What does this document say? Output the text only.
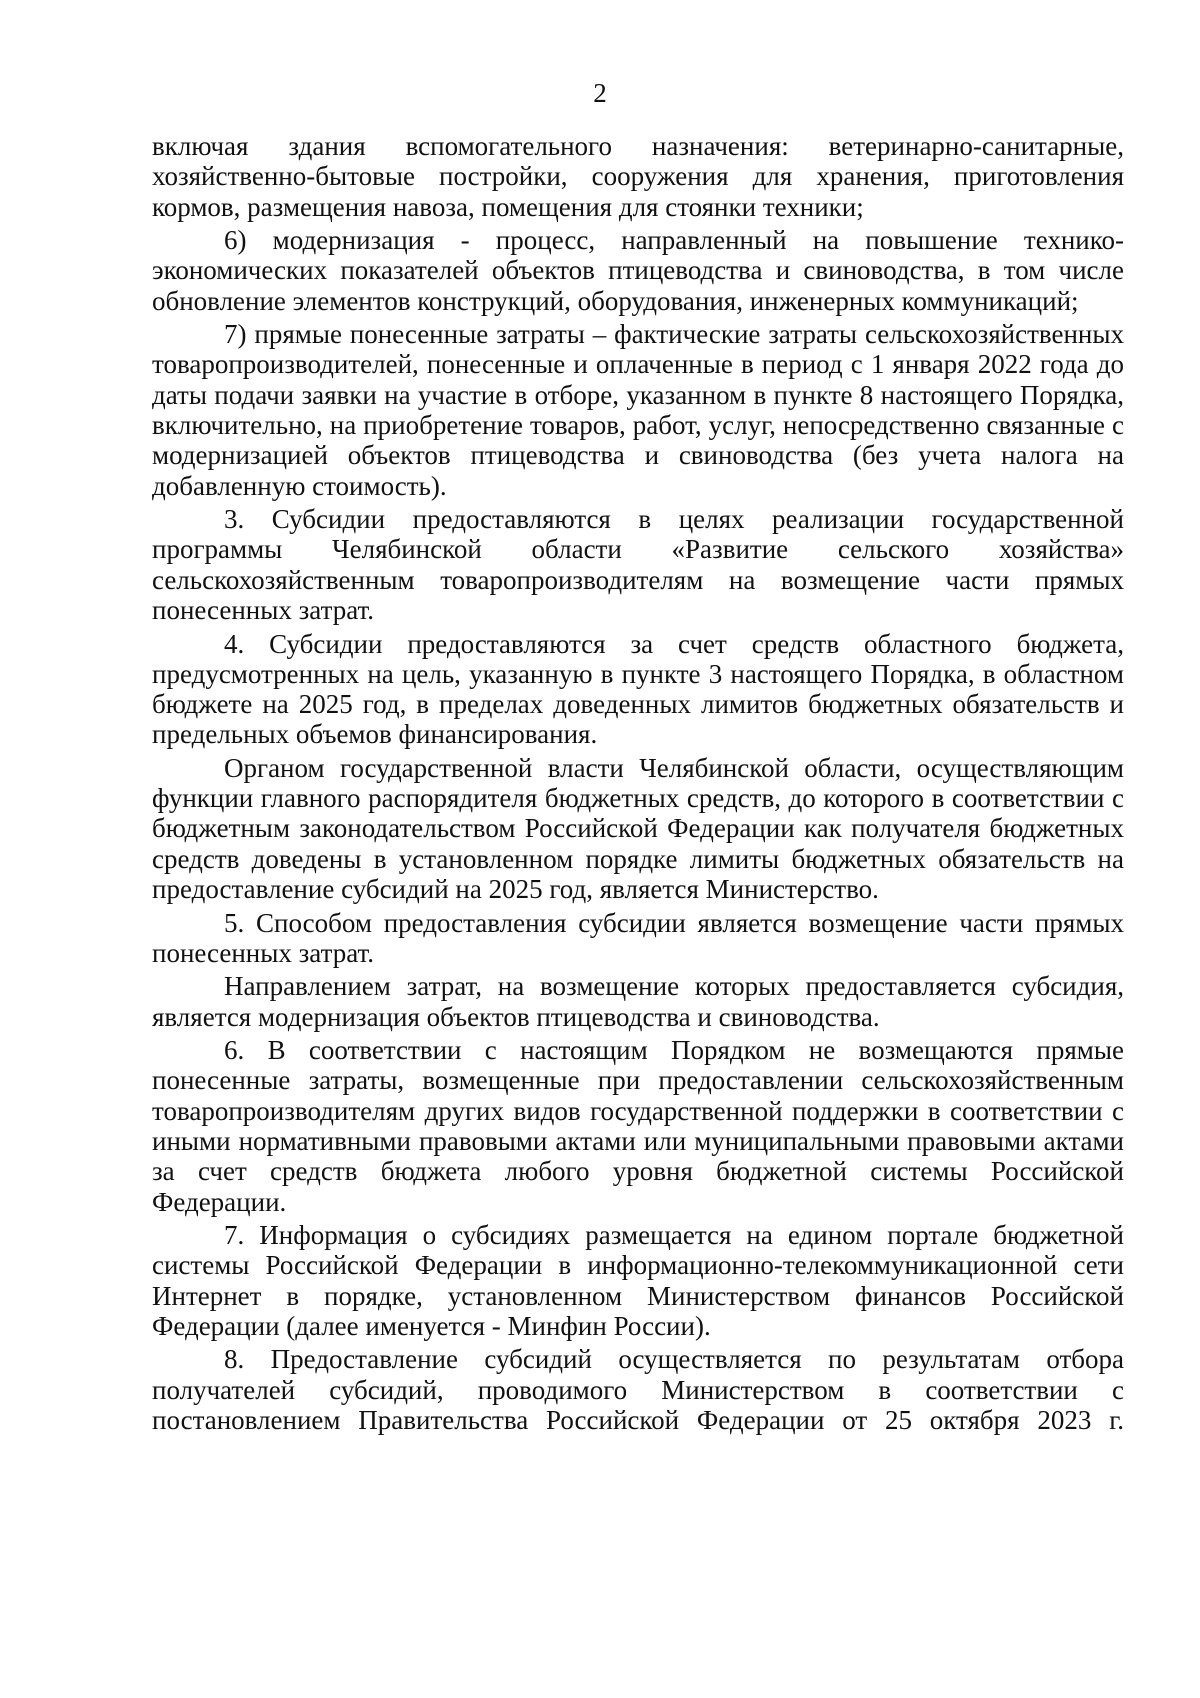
2

включая здания вспомогательного назначения: ветеринарно-санитарные, хозяйственно-бытовые постройки, сооружения для хранения, приготовления кормов, размещения навоза, помещения для стоянки техники;

6) модернизация - процесс, направленный на повышение технико-экономических показателей объектов птицеводства и свиноводства, в том числе обновление элементов конструкций, оборудования, инженерных коммуникаций;

7) прямые понесенные затраты – фактические затраты сельскохозяйственных товаропроизводителей, понесенные и оплаченные в период с 1 января 2022 года до даты подачи заявки на участие в отборе, указанном в пункте 8 настоящего Порядка, включительно, на приобретение товаров, работ, услуг, непосредственно связанные с модернизацией объектов птицеводства и свиноводства (без учета налога на добавленную стоимость).

3. Субсидии предоставляются в целях реализации государственной программы Челябинской области «Развитие сельского хозяйства» сельскохозяйственным товаропроизводителям на возмещение части прямых понесенных затрат.

4. Субсидии предоставляются за счет средств областного бюджета, предусмотренных на цель, указанную в пункте 3 настоящего Порядка, в областном бюджете на 2025 год, в пределах доведенных лимитов бюджетных обязательств и предельных объемов финансирования.

Органом государственной власти Челябинской области, осуществляющим функции главного распорядителя бюджетных средств, до которого в соответствии с бюджетным законодательством Российской Федерации как получателя бюджетных средств доведены в установленном порядке лимиты бюджетных обязательств на предоставление субсидий на 2025 год, является Министерство.

5. Способом предоставления субсидии является возмещение части прямых понесенных затрат.

Направлением затрат, на возмещение которых предоставляется субсидия, является модернизация объектов птицеводства и свиноводства.

6. В соответствии с настоящим Порядком не возмещаются прямые понесенные затраты, возмещенные при предоставлении сельскохозяйственным товаропроизводителям других видов государственной поддержки в соответствии с иными нормативными правовыми актами или муниципальными правовыми актами за счет средств бюджета любого уровня бюджетной системы Российской Федерации.

7. Информация о субсидиях размещается на едином портале бюджетной системы Российской Федерации в информационно-телекоммуникационной сети Интернет в порядке, установленном Министерством финансов Российской Федерации (далее именуется - Минфин России).

8. Предоставление субсидий осуществляется по результатам отбора получателей субсидий, проводимого Министерством в соответствии с постановлением Правительства Российской Федерации от 25 октября 2023 г.
